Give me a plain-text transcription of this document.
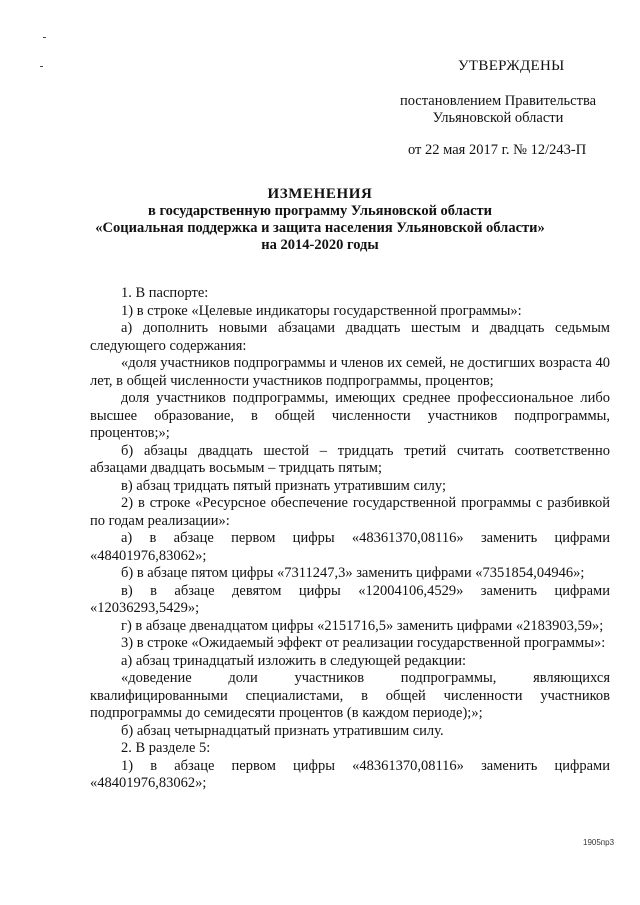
УТВЕРЖДЕНЫ
постановлением Правительства
Ульяновской области
от 22 мая 2017 г. № 12/243-П
ИЗМЕНЕНИЯ
в государственную программу Ульяновской области
«Социальная поддержка и защита населения Ульяновской области»
на 2014-2020 годы

1. В паспорте:

1) в строке «Целевые индикаторы государственной программы»:

а) дополнить новыми абзацами двадцать шестым и двадцать седьмым следующего содержания:

«доля участников подпрограммы и членов их семей, не достигших возраста 40 лет, в общей численности участников подпрограммы, процентов;

доля участников подпрограммы, имеющих среднее профессиональное либо высшее образование, в общей численности участников подпрограммы, процентов;»;

б) абзацы двадцать шестой – тридцать третий считать соответственно абзацами двадцать восьмым – тридцать пятым;

в) абзац тридцать пятый признать утратившим силу;

2) в строке «Ресурсное обеспечение государственной программы с разбивкой по годам реализации»:

а) в абзаце первом цифры «48361370,08116» заменить цифрами «48401976,83062»;

б) в абзаце пятом цифры «7311247,3» заменить цифрами «7351854,04946»;

в) в абзаце девятом цифры «12004106,4529» заменить цифрами «12036293,5429»;

г) в абзаце двенадцатом цифры «2151716,5» заменить цифрами «2183903,59»;

3) в строке «Ожидаемый эффект от реализации государственной программы»:

а) абзац тринадцатый изложить в следующей редакции:

«доведение доли участников подпрограммы, являющихся квалифицированными специалистами, в общей численности участников подпрограммы до семидесяти процентов (в каждом периоде);»;

б) абзац четырнадцатый признать утратившим силу.

2. В разделе 5:

1) в абзаце первом цифры «48361370,08116» заменить цифрами «48401976,83062»;

1905пр3
